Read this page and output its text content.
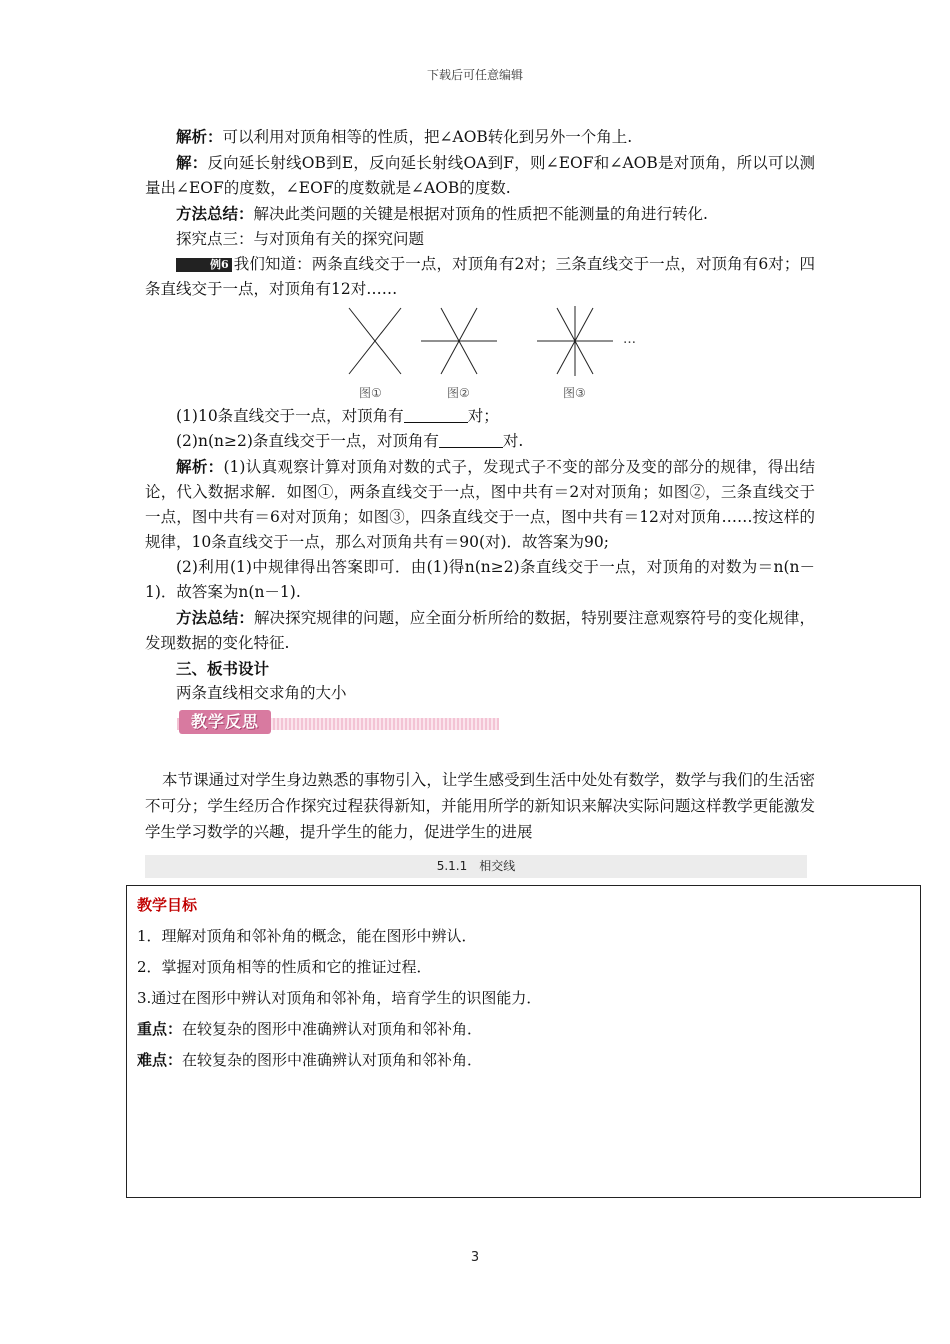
下载后可任意编辑

解析：可以利用对顶角相等的性质，把∠AOB转化到另外一个角上.

解：反向延长射线OB到E，反向延长射线OA到F，则∠EOF和∠AOB是对顶角，所以可以测量出∠EOF的度数，∠EOF的度数就是∠AOB的度数.

方法总结：解决此类问题的关键是根据对顶角的性质把不能测量的角进行转化.

探究点三：与对顶角有关的探究问题

例6 我们知道：两条直线交于一点，对顶角有2对；三条直线交于一点，对顶角有6对；四条直线交于一点，对顶角有12对……

图①	图②	图③
…

(1)10条直线交于一点，对顶角有	对；

(2)n(n≥2)条直线交于一点，对顶角有	对.

解析：(1)认真观察计算对顶角对数的式子，发现式子不变的部分及变的部分的规律，得出结论，代入数据求解．如图①，两条直线交于一点，图中共有＝2对对顶角；如图②，三条直线交于一点，图中共有＝6对对顶角；如图③，四条直线交于一点，图中共有＝12对对顶角……按这样的规律，10条直线交于一点，那么对顶角共有＝90(对)．故答案为90;

(2)利用(1)中规律得出答案即可．由(1)得n(n≥2)条直线交于一点，对顶角的对数为＝n(n－1)．故答案为n(n－1).

方法总结：解决探究规律的问题，应全面分析所给的数据，特别要注意观察符号的变化规律，发现数据的变化特征.

三、板书设计

两条直线相交求角的大小

教学反思

本节课通过对学生身边熟悉的事物引入，让学生感受到生活中处处有数学，数学与我们的生活密不可分；学生经历合作探究过程获得新知，并能用所学的新知识来解决实际问题这样教学更能激发学生学习数学的兴趣，提升学生的能力，促进学生的进展

5.1.1　相交线

教学目标

1．理解对顶角和邻补角的概念，能在图形中辨认．

2．掌握对顶角相等的性质和它的推证过程．

3.通过在图形中辨认对顶角和邻补角，培育学生的识图能力．

重点：在较复杂的图形中准确辨认对顶角和邻补角．

难点：在较复杂的图形中准确辨认对顶角和邻补角．

3
